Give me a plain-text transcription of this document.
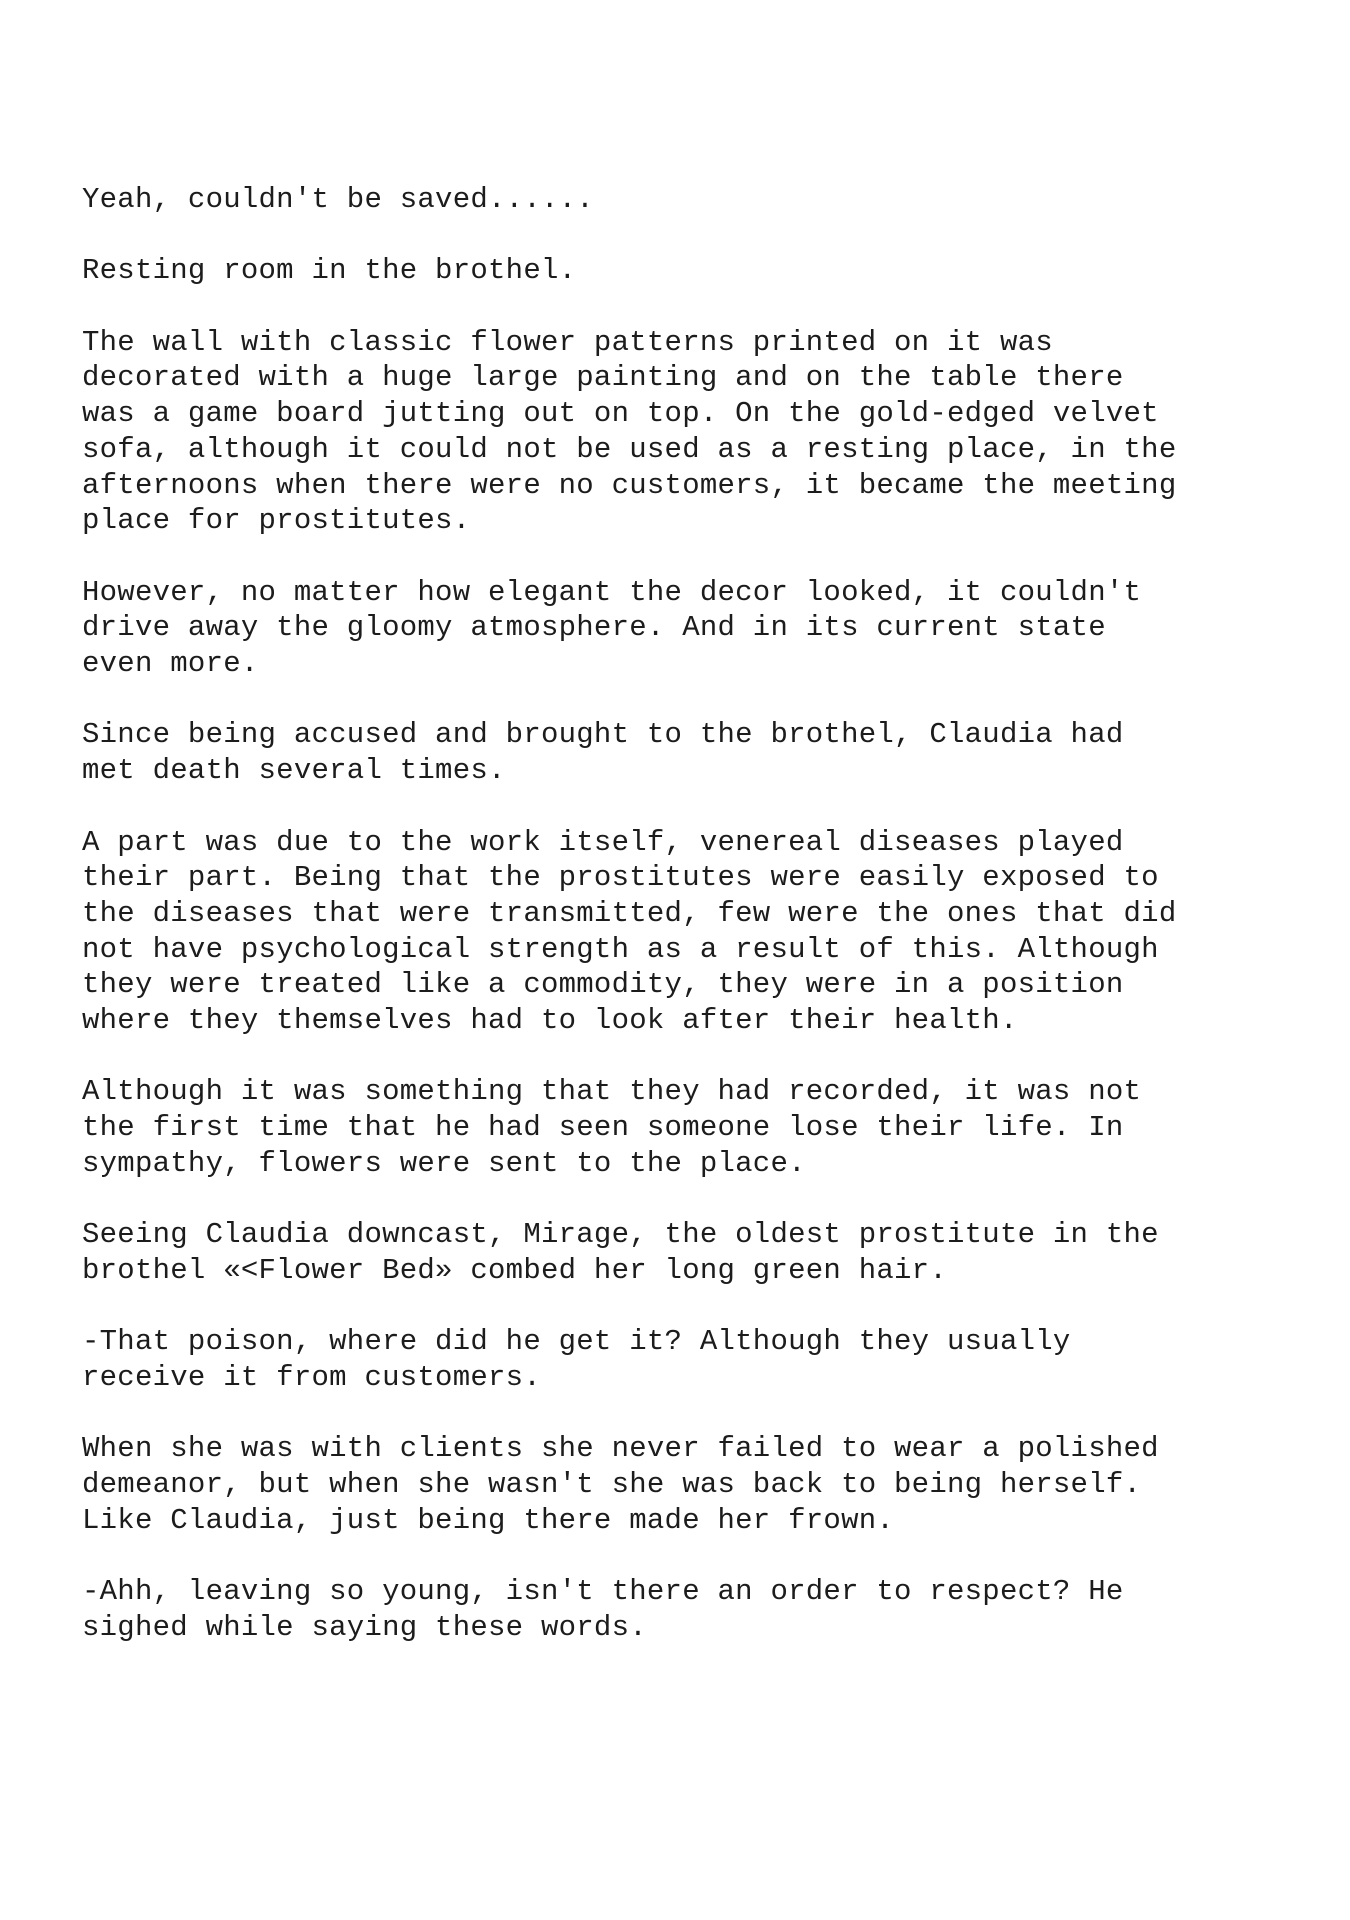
Yeah, couldn't be saved......

Resting room in the brothel.

The wall with classic flower patterns printed on it was
decorated with a huge large painting and on the table there
was a game board jutting out on top. On the gold-edged velvet
sofa, although it could not be used as a resting place, in the
afternoons when there were no customers, it became the meeting
place for prostitutes.

However, no matter how elegant the decor looked, it couldn't
drive away the gloomy atmosphere. And in its current state
even more.

Since being accused and brought to the brothel, Claudia had
met death several times.

A part was due to the work itself, venereal diseases played
their part. Being that the prostitutes were easily exposed to
the diseases that were transmitted, few were the ones that did
not have psychological strength as a result of this. Although
they were treated like a commodity, they were in a position
where they themselves had to look after their health.

Although it was something that they had recorded, it was not
the first time that he had seen someone lose their life. In
sympathy, flowers were sent to the place.

Seeing Claudia downcast, Mirage, the oldest prostitute in the
brothel «<Flower Bed» combed her long green hair.

-That poison, where did he get it? Although they usually
receive it from customers.

When she was with clients she never failed to wear a polished
demeanor, but when she wasn't she was back to being herself.
Like Claudia, just being there made her frown.

-Ahh, leaving so young, isn't there an order to respect? He
sighed while saying these words.
